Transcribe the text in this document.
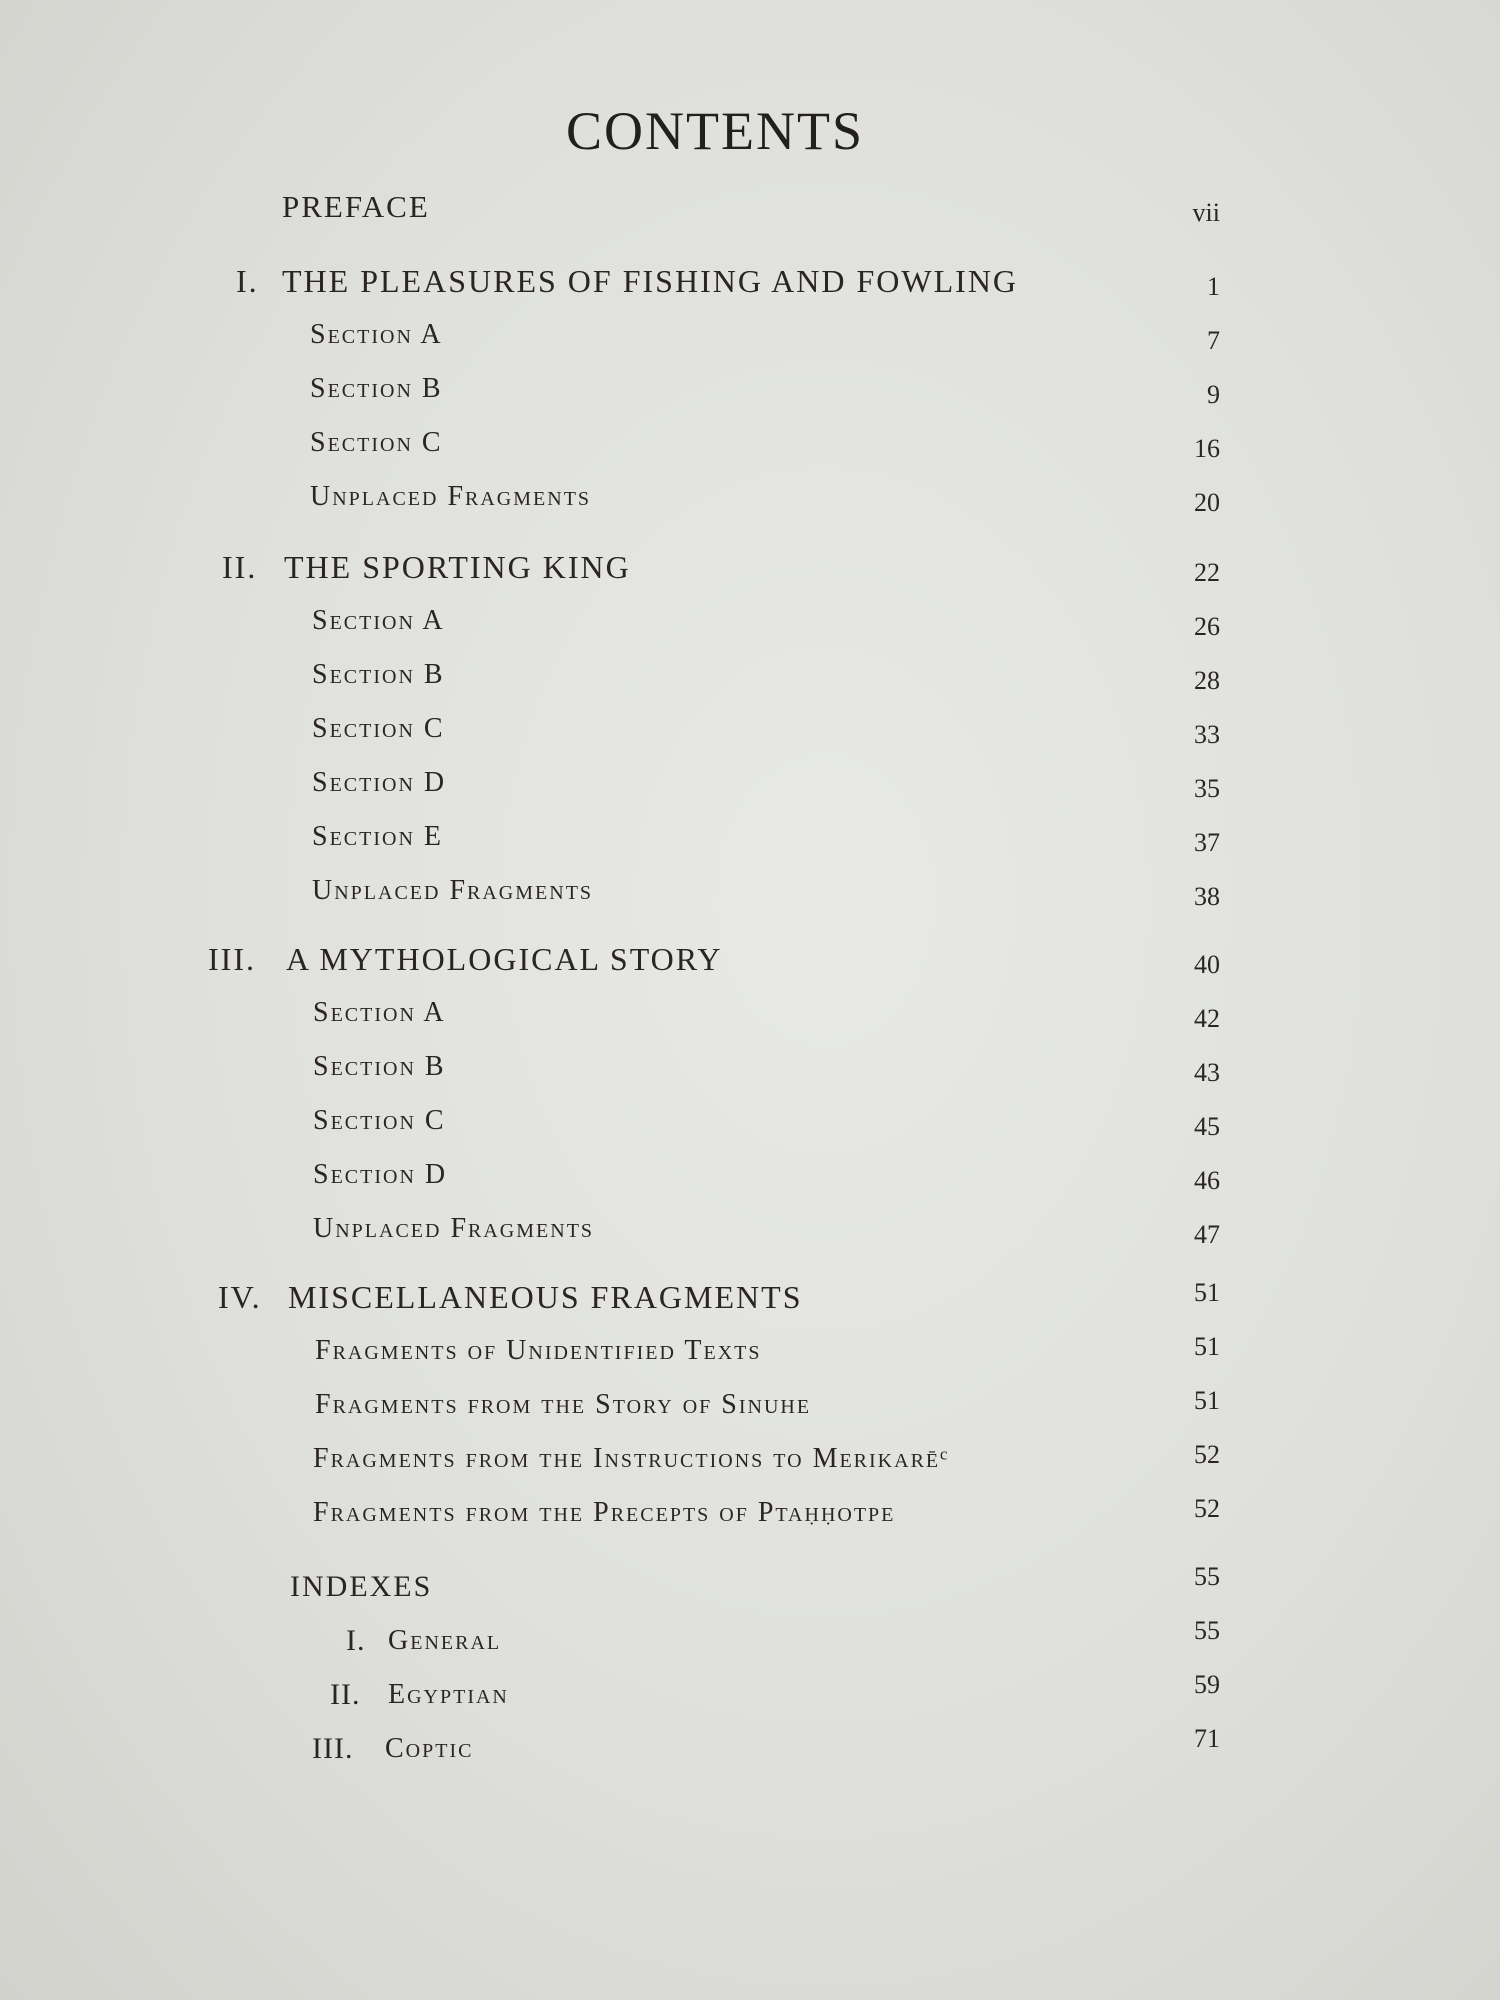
CONTENTS
PREFACE	vii
I. THE PLEASURES OF FISHING AND FOWLING	1
Section A	7
Section B	9
Section C	16
Unplaced Fragments	20
II. THE SPORTING KING	22
Section A	26
Section B	28
Section C	33
Section D	35
Section E	37
Unplaced Fragments	38
III. A MYTHOLOGICAL STORY	40
Section A	42
Section B	43
Section C	45
Section D	46
Unplaced Fragments	47
IV. MISCELLANEOUS FRAGMENTS	51
Fragments of Unidentified Texts	51
Fragments from the Story of Sinuhe	51
Fragments from the Instructions to Merikarēᶜ	52
Fragments from the Precepts of Ptaḥḥotpe	52
INDEXES	55
I. General	55
II. Egyptian	59
III. Coptic	71
